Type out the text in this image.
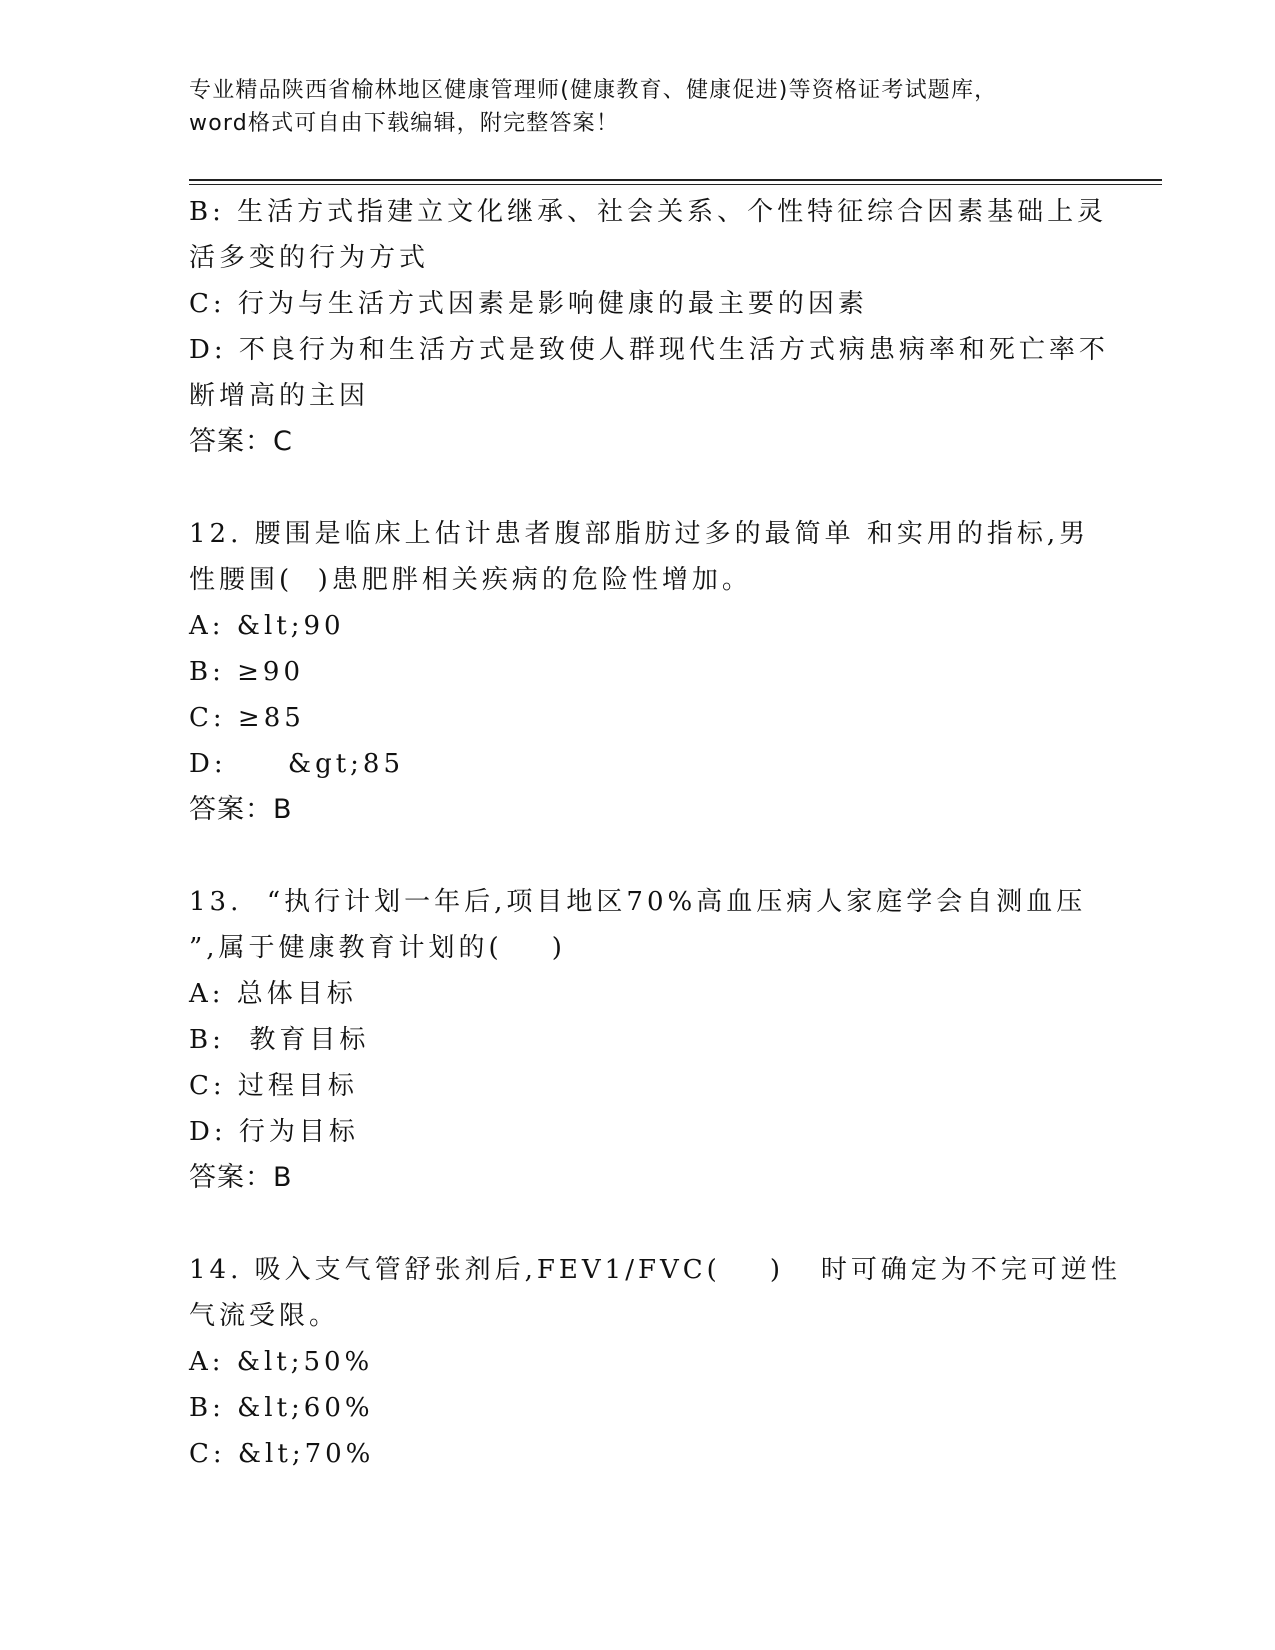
专业精品陕西省榆林地区健康管理师(健康教育、健康促进)等资格证考试题库，
word格式可自由下载编辑，附完整答案！
B: 生活方式指建立文化继承、社会关系、个性特征综合因素基础上灵
活多变的行为方式
C: 行为与生活方式因素是影响健康的最主要的因素
D: 不良行为和生活方式是致使人群现代生活方式病患病率和死亡率不
断增高的主因
答案：C
12. 腰围是临床上估计患者腹部脂肪过多的最简单 和实用的指标,男
性腰围(  )患肥胖相关疾病的危险性增加。
A: &lt;90
B: ≥90
C: ≥85
D:     &gt;85
答案：B
13.  “执行计划一年后,项目地区70%高血压病人家庭学会自测血压
”,属于健康教育计划的(    )
A: 总体目标
B:  教育目标
C: 过程目标
D: 行为目标
答案：B
14. 吸入支气管舒张剂后,FEV1/FVC(    )   时可确定为不完可逆性
气流受限。
A: &lt;50%
B: &lt;60%
C: &lt;70%
